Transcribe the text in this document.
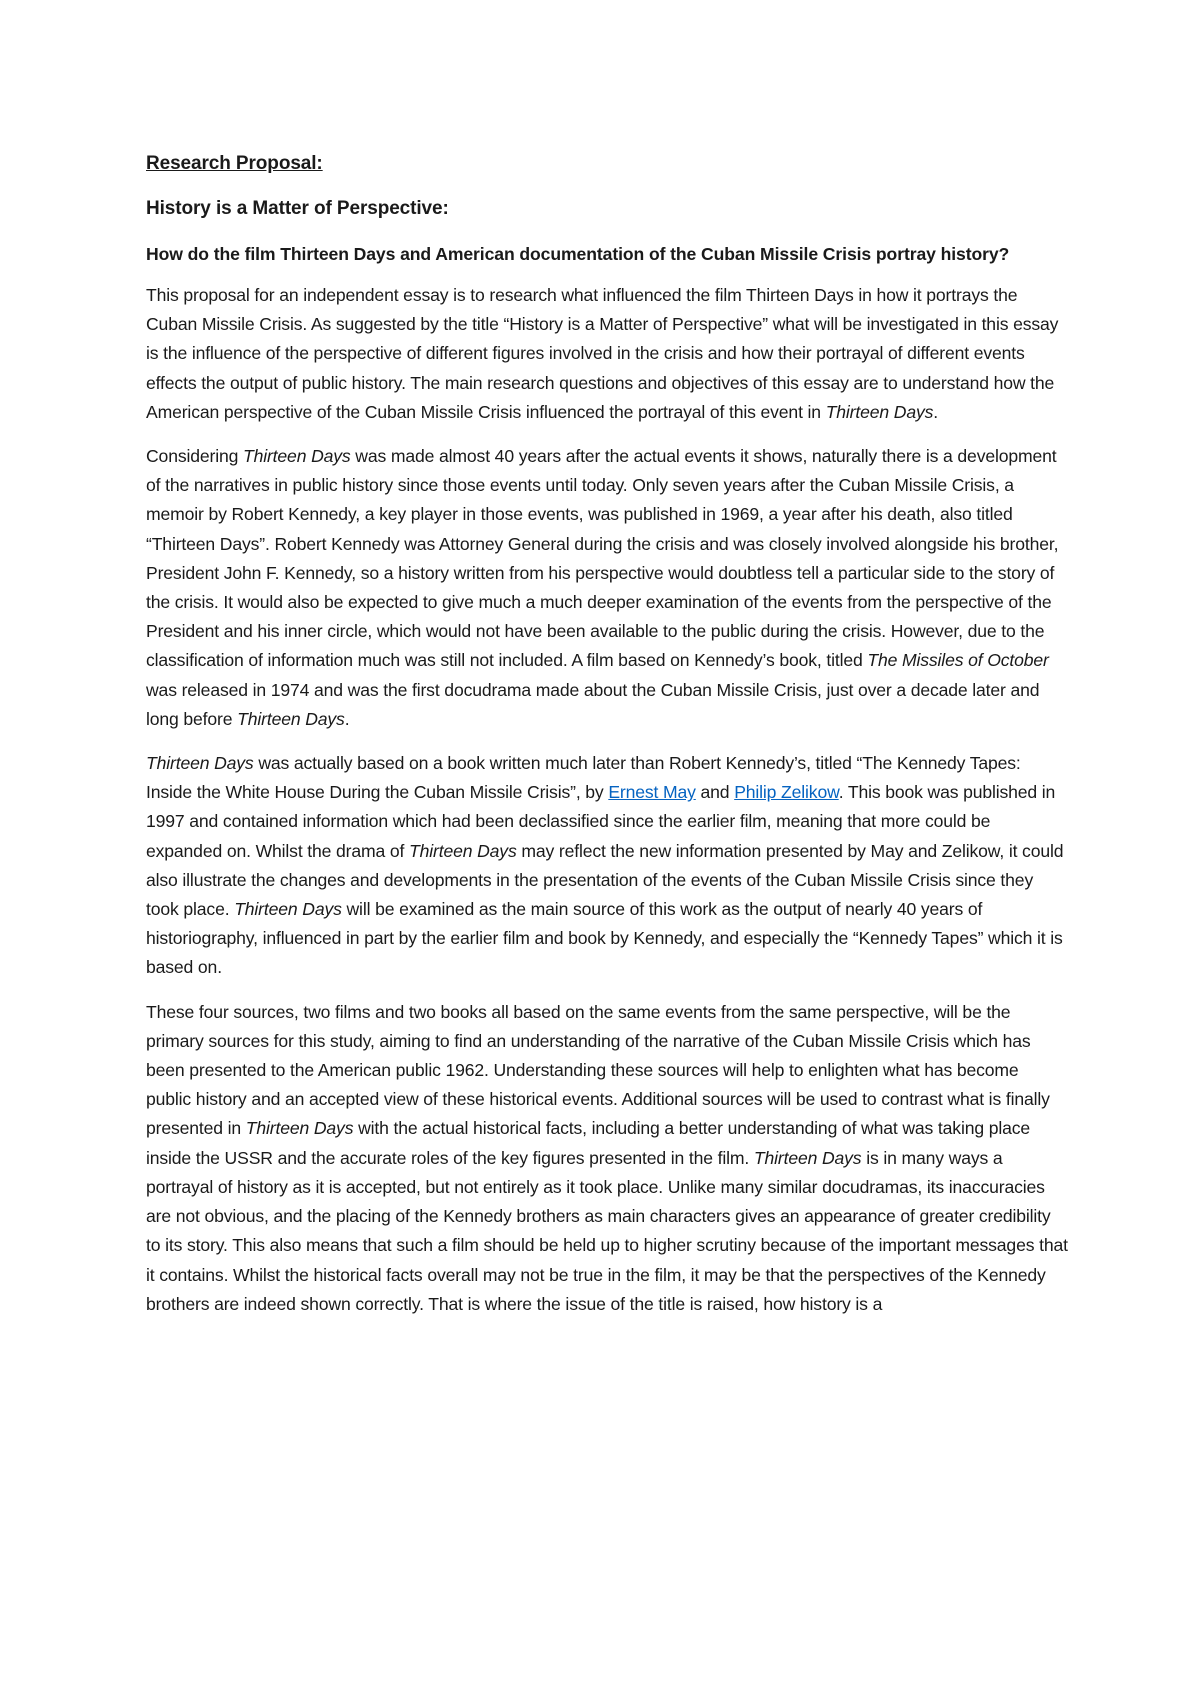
Research Proposal:
History is a Matter of Perspective:
How do the film Thirteen Days and American documentation of the Cuban Missile Crisis portray history?

This proposal for an independent essay is to research what influenced the film Thirteen Days in how it portrays the Cuban Missile Crisis. As suggested by the title “History is a Matter of Perspective” what will be investigated in this essay is the influence of the perspective of different figures involved in the crisis and how their portrayal of different events effects the output of public history. The main research questions and objectives of this essay are to understand how the American perspective of the Cuban Missile Crisis influenced the portrayal of this event in Thirteen Days.

Considering Thirteen Days was made almost 40 years after the actual events it shows, naturally there is a development of the narratives in public history since those events until today. Only seven years after the Cuban Missile Crisis, a memoir by Robert Kennedy, a key player in those events, was published in 1969, a year after his death, also titled “Thirteen Days”. Robert Kennedy was Attorney General during the crisis and was closely involved alongside his brother, President John F. Kennedy, so a history written from his perspective would doubtless tell a particular side to the story of the crisis. It would also be expected to give much a much deeper examination of the events from the perspective of the President and his inner circle, which would not have been available to the public during the crisis. However, due to the classification of information much was still not included. A film based on Kennedy’s book, titled The Missiles of October was released in 1974 and was the first docudrama made about the Cuban Missile Crisis, just over a decade later and long before Thirteen Days.

Thirteen Days was actually based on a book written much later than Robert Kennedy’s, titled “The Kennedy Tapes: Inside the White House During the Cuban Missile Crisis”, by Ernest May and Philip Zelikow. This book was published in 1997 and contained information which had been declassified since the earlier film, meaning that more could be expanded on. Whilst the drama of Thirteen Days may reflect the new information presented by May and Zelikow, it could also illustrate the changes and developments in the presentation of the events of the Cuban Missile Crisis since they took place. Thirteen Days will be examined as the main source of this work as the output of nearly 40 years of historiography, influenced in part by the earlier film and book by Kennedy, and especially the “Kennedy Tapes” which it is based on.

These four sources, two films and two books all based on the same events from the same perspective, will be the primary sources for this study, aiming to find an understanding of the narrative of the Cuban Missile Crisis which has been presented to the American public 1962. Understanding these sources will help to enlighten what has become public history and an accepted view of these historical events. Additional sources will be used to contrast what is finally presented in Thirteen Days with the actual historical facts, including a better understanding of what was taking place inside the USSR and the accurate roles of the key figures presented in the film. Thirteen Days is in many ways a portrayal of history as it is accepted, but not entirely as it took place. Unlike many similar docudramas, its inaccuracies are not obvious, and the placing of the Kennedy brothers as main characters gives an appearance of greater credibility to its story. This also means that such a film should be held up to higher scrutiny because of the important messages that it contains. Whilst the historical facts overall may not be true in the film, it may be that the perspectives of the Kennedy brothers are indeed shown correctly. That is where the issue of the title is raised, how history is a
